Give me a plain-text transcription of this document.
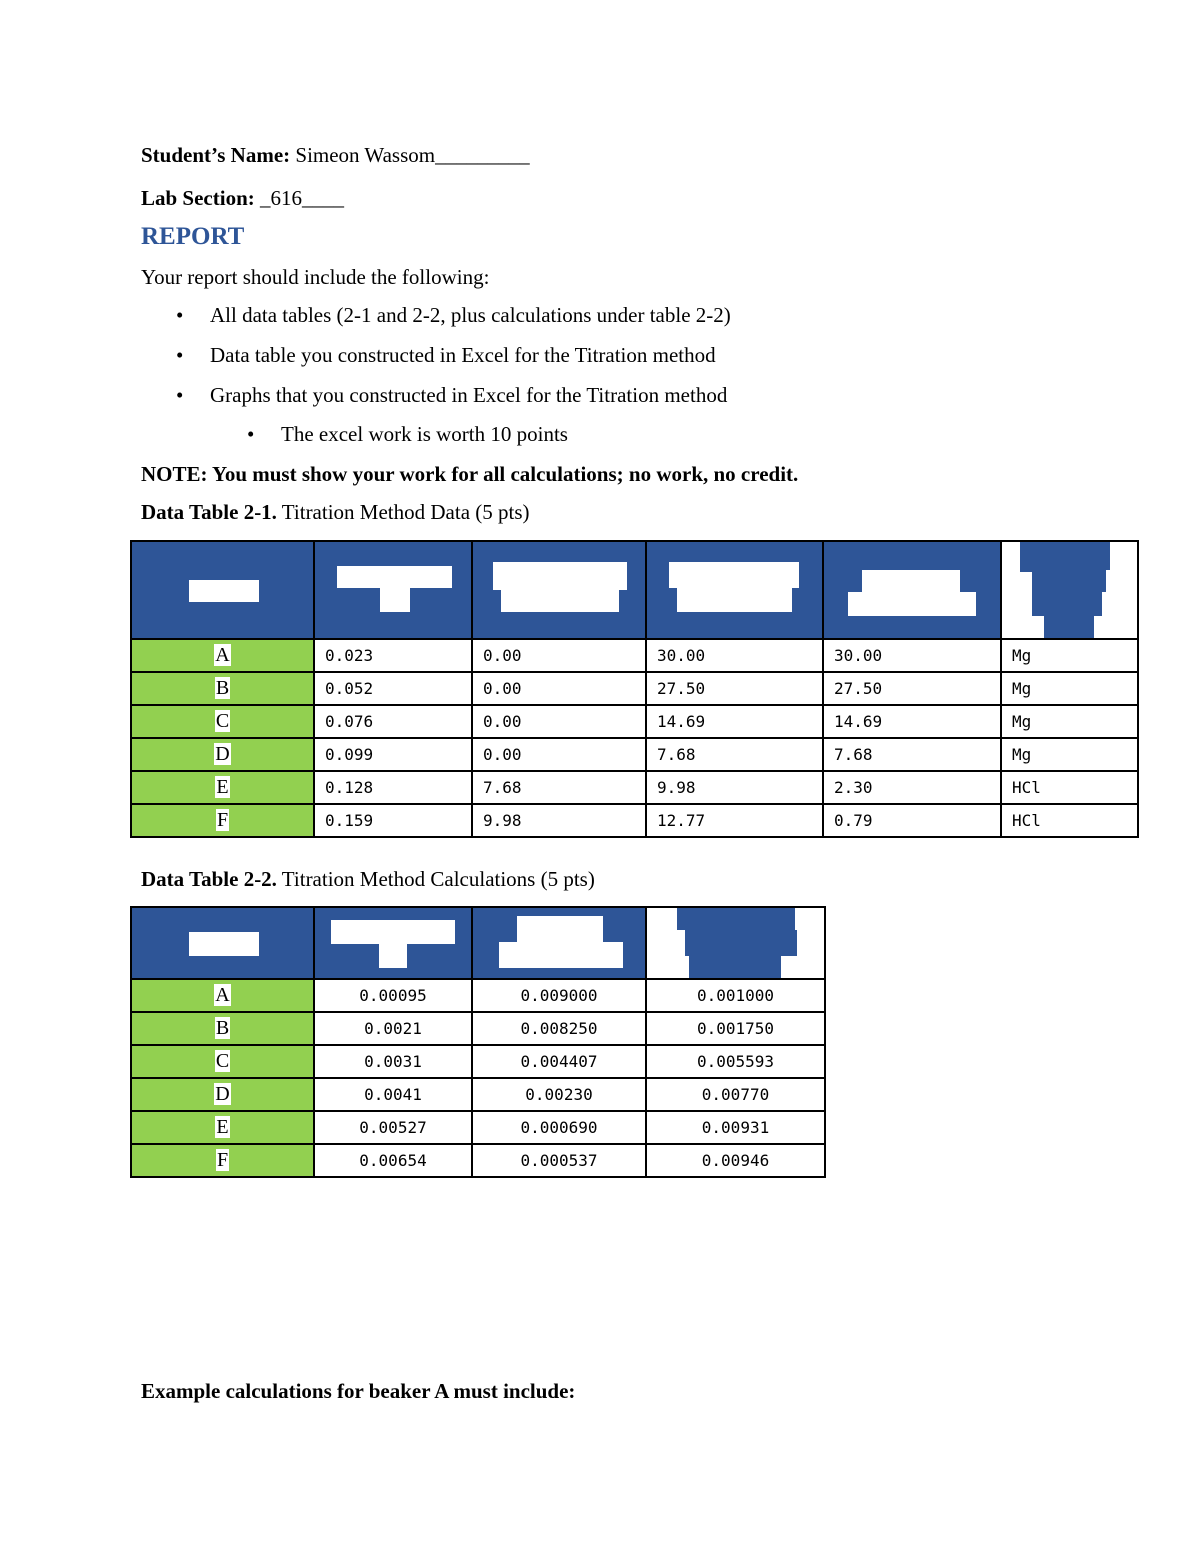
Student’s Name: Simeon Wassom_________
Lab Section: _616____
REPORT
Your report should include the following:
• All data tables (2-1 and 2-2, plus calculations under table 2-2)
• Data table you constructed in Excel for the Titration method
• Graphs that you constructed in Excel for the Titration method
• The excel work is worth 10 points
NOTE: You must show your work for all calculations; no work, no credit.
Data Table 2-1. Titration Method Data (5 pts)

A	0.023	0.00	30.00	30.00	Mg
B	0.052	0.00	27.50	27.50	Mg
C	0.076	0.00	14.69	14.69	Mg
D	0.099	0.00	7.68	7.68	Mg
E	0.128	7.68	9.98	2.30	HCl
F	0.159	9.98	12.77	0.79	HCl
Data Table 2-2. Titration Method Calculations (5 pts)

A	0.00095	0.009000	0.001000
B	0.0021	0.008250	0.001750
C	0.0031	0.004407	0.005593
D	0.0041	0.00230	0.00770
E	0.00527	0.000690	0.00931
F	0.00654	0.000537	0.00946
Example calculations for beaker A must include:
